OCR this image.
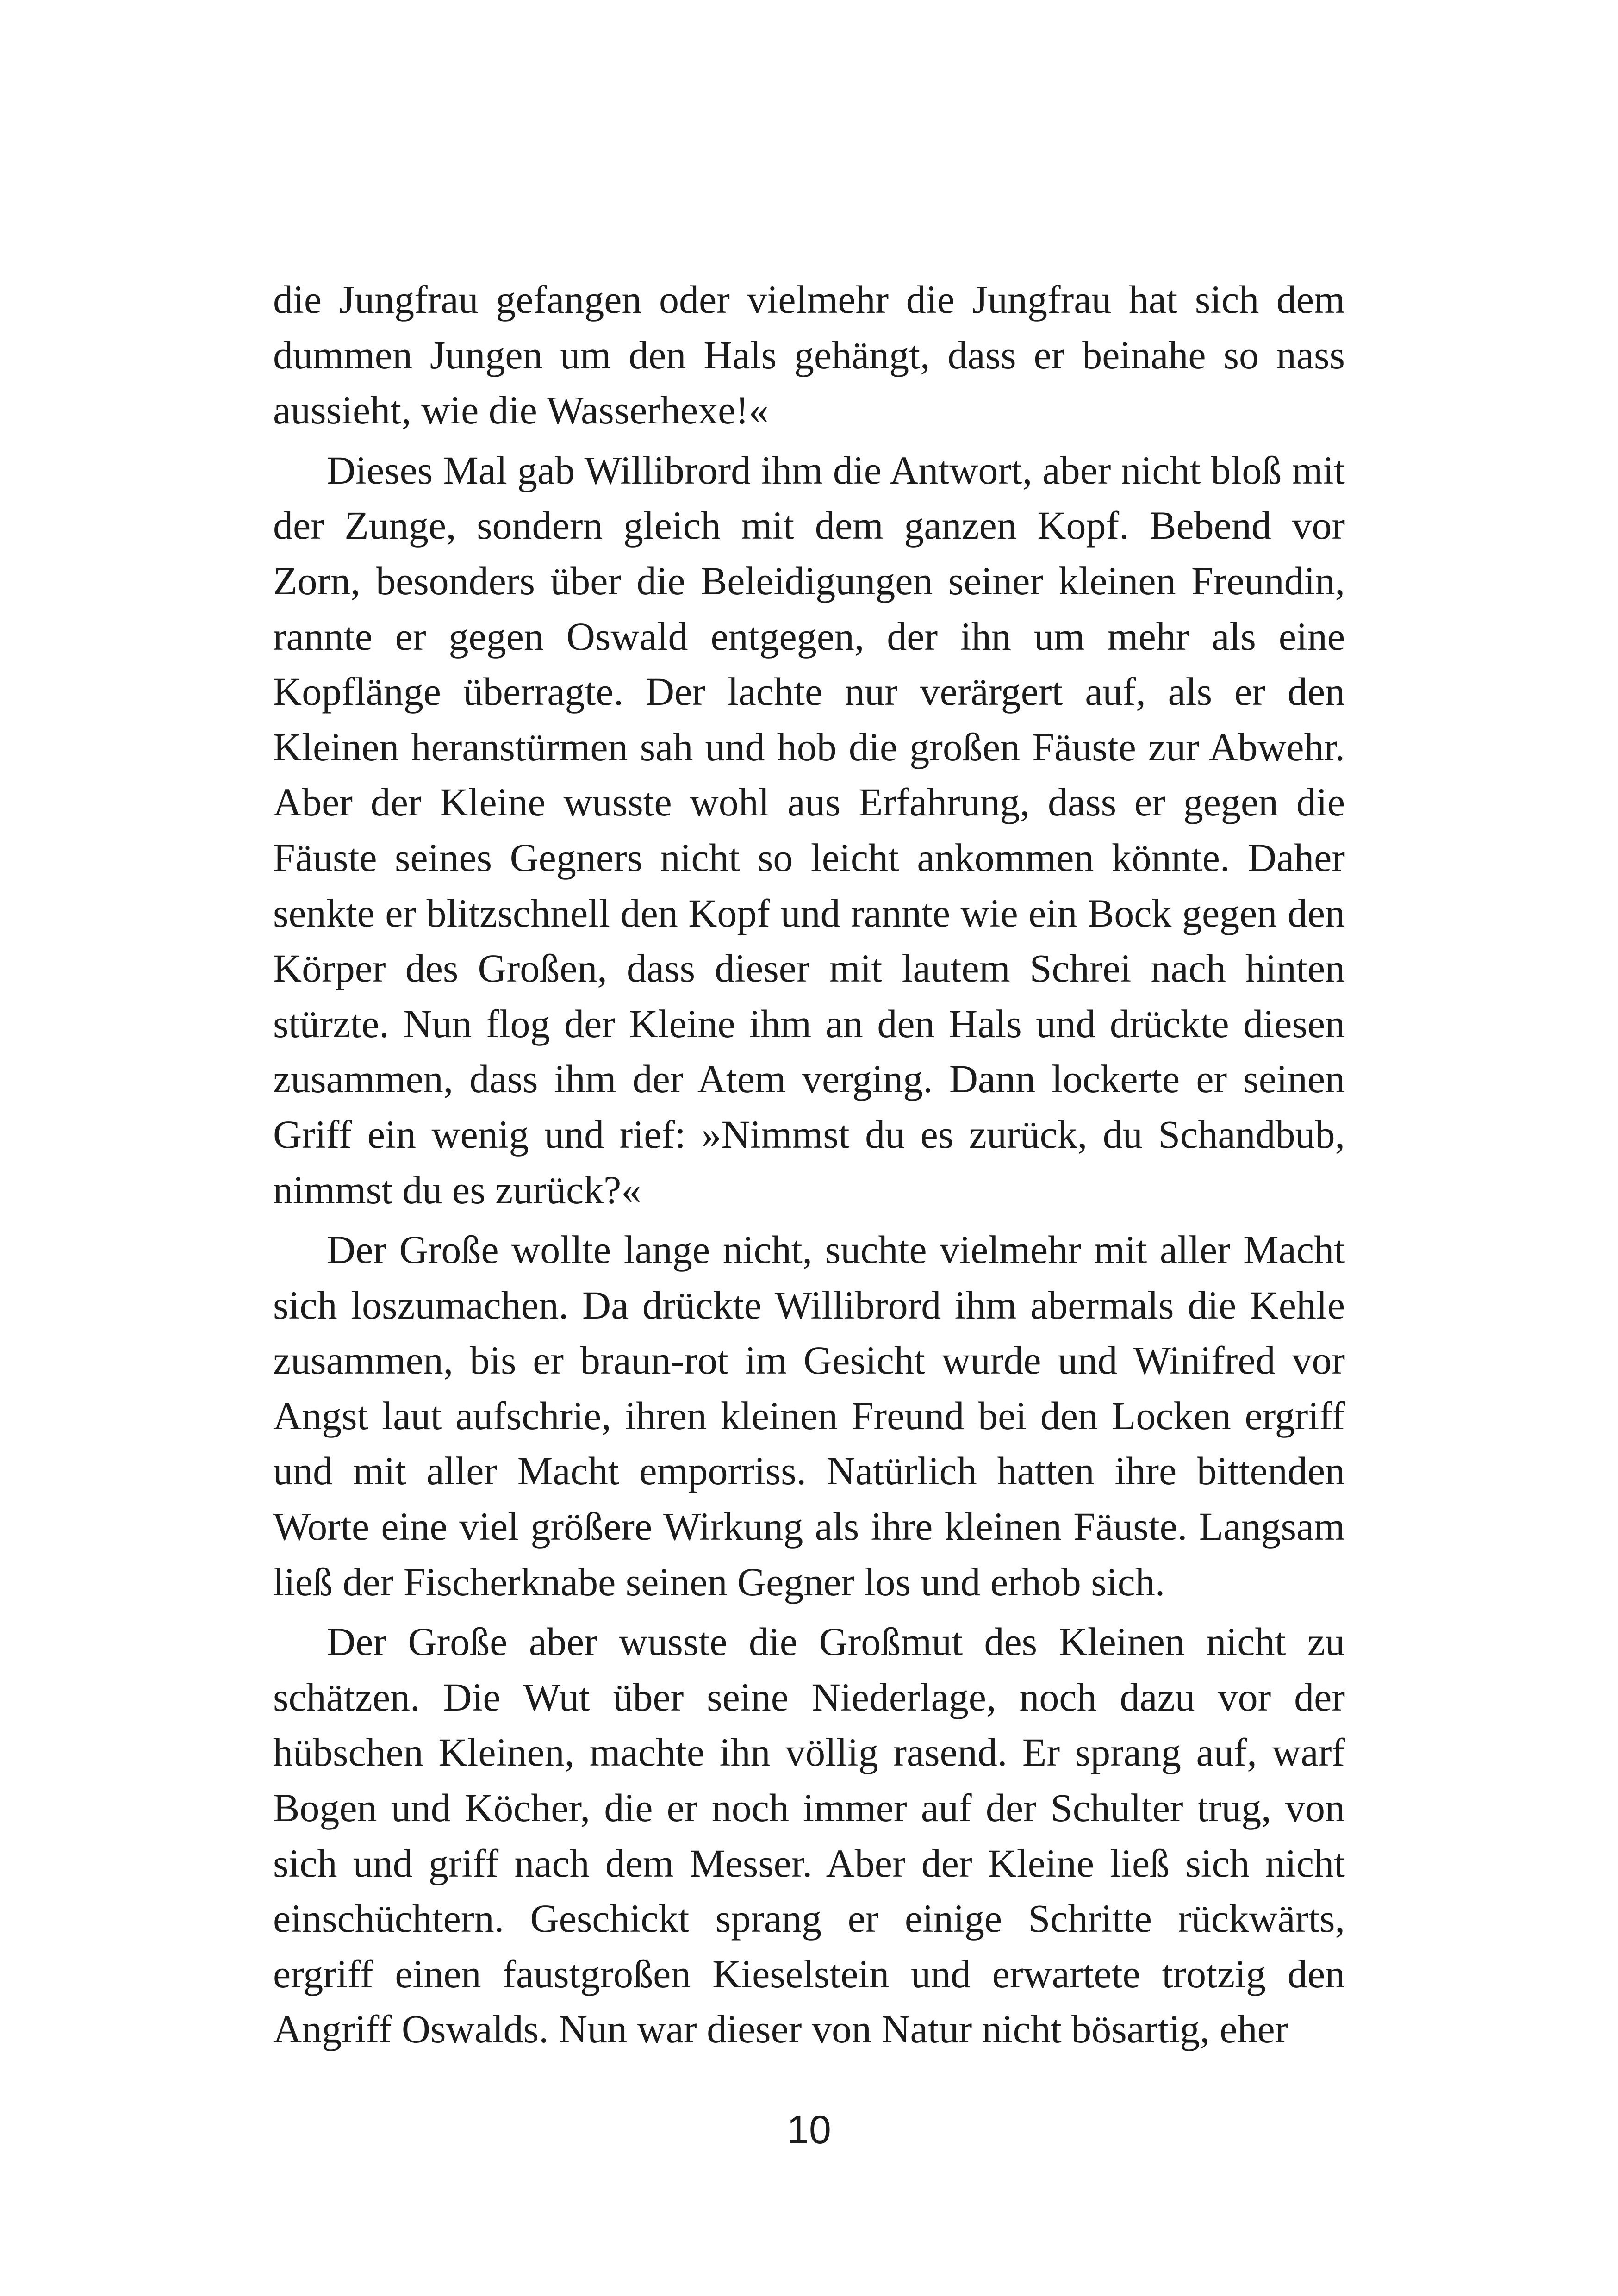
die Jungfrau gefangen oder vielmehr die Jungfrau hat sich dem dummen Jungen um den Hals gehängt, dass er beinahe so nass aussieht, wie die Wasserhexe!«

Dieses Mal gab Willibrord ihm die Antwort, aber nicht bloß mit der Zunge, sondern gleich mit dem ganzen Kopf. Bebend vor Zorn, besonders über die Beleidigungen seiner kleinen Freundin, rannte er gegen Oswald entgegen, der ihn um mehr als eine Kopflänge überragte. Der lachte nur verärgert auf, als er den Kleinen heranstürmen sah und hob die großen Fäuste zur Abwehr. Aber der Kleine wusste wohl aus Erfahrung, dass er gegen die Fäuste seines Gegners nicht so leicht ankommen könnte. Daher senkte er blitzschnell den Kopf und rannte wie ein Bock gegen den Körper des Großen, dass dieser mit lautem Schrei nach hinten stürzte. Nun flog der Kleine ihm an den Hals und drückte diesen zusammen, dass ihm der Atem verging. Dann lockerte er seinen Griff ein wenig und rief: »Nimmst du es zurück, du Schandbub, nimmst du es zurück?«

Der Große wollte lange nicht, suchte vielmehr mit aller Macht sich loszumachen. Da drückte Willibrord ihm abermals die Kehle zusammen, bis er braun-rot im Gesicht wurde und Winifred vor Angst laut aufschrie, ihren kleinen Freund bei den Locken ergriff und mit aller Macht emporriss. Natürlich hatten ihre bittenden Worte eine viel größere Wirkung als ihre kleinen Fäuste. Langsam ließ der Fischerknabe seinen Gegner los und erhob sich.

Der Große aber wusste die Großmut des Kleinen nicht zu schätzen. Die Wut über seine Niederlage, noch dazu vor der hübschen Kleinen, machte ihn völlig rasend. Er sprang auf, warf Bogen und Köcher, die er noch immer auf der Schulter trug, von sich und griff nach dem Messer. Aber der Kleine ließ sich nicht einschüchtern. Geschickt sprang er einige Schritte rückwärts, ergriff einen faustgroßen Kieselstein und erwartete trotzig den Angriff Oswalds. Nun war dieser von Natur nicht bösartig, eher

10
